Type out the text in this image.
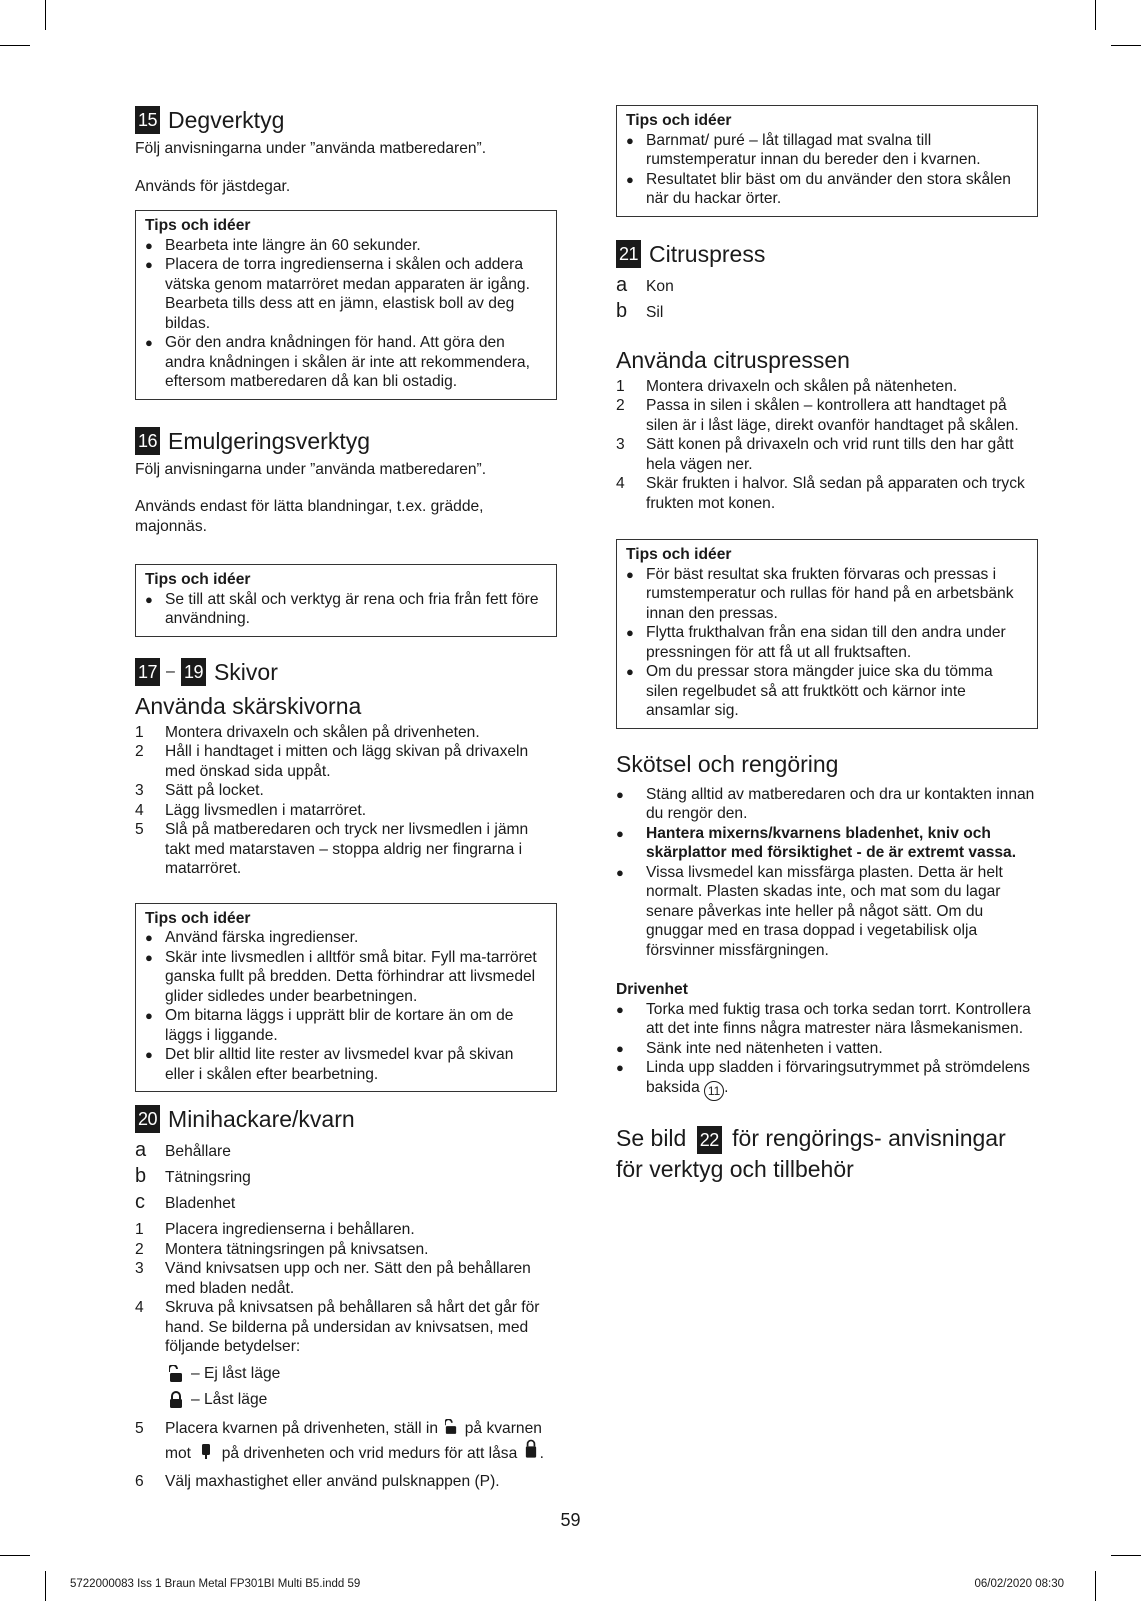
15 Degverktyg

Följ anvisningarna under ”använda matberedaren”.

Används för jästdegar.

Tips och idéer
● Bearbeta inte längre än 60 sekunder.
● Placera de torra ingredienserna i skålen och addera vätska genom matarröret medan apparaten är igång. Bearbeta tills dess att en jämn, elastisk boll av deg bildas.
● Gör den andra knådningen för hand. Att göra den andra knådningen i skålen är inte att rekommendera, eftersom matberedaren då kan bli ostadig.
16 Emulgeringsverktyg

Följ anvisningarna under ”använda matberedaren”.

Används endast för lätta blandningar, t.ex. grädde, majonnäs.

Tips och idéer
● Se till att skål och verktyg är rena och fria från fett före användning.
17 – 19 Skivor
Använda skärskivorna
1	Montera drivaxeln och skålen på drivenheten.
2	Håll i handtaget i mitten och lägg skivan på drivaxeln med önskad sida uppåt.
3	Sätt på locket.
4	Lägg livsmedlen i matarröret.
5	Slå på matberedaren och tryck ner livsmedlen i jämn takt med matarstaven – stoppa aldrig ner fingrarna i matarröret.
Tips och idéer
● Använd färska ingredienser.
● Skär inte livsmedlen i alltför små bitar. Fyll ma-tarröret ganska fullt på bredden. Detta förhindrar att livsmedel glider sidledes under bearbetningen.
● Om bitarna läggs i upprätt blir de kortare än om de läggs i liggande.
● Det blir alltid lite rester av livsmedel kvar på skivan eller i skålen efter bearbetning.
20 Minihackare/kvarn
a	Behållare
b	Tätningsring
c	Bladenhet
1	Placera ingredienserna i behållaren.
2	Montera tätningsringen på knivsatsen.
3	Vänd knivsatsen upp och ner. Sätt den på behållaren med bladen nedåt.
4	Skruva på knivsatsen på behållaren så hårt det går för hand. Se bilderna på undersidan av knivsatsen, med följande betydelser:
– Ej låst läge
– Låst läge
5	Placera kvarnen på drivenheten, ställ in på kvarnen mot på drivenheten och vrid medurs för att låsa .
6	Välj maxhastighet eller använd pulsknappen (P).
Tips och idéer
● Barnmat/ puré – låt tillagad mat svalna till rumstemperatur innan du bereder den i kvarnen.
● Resultatet blir bäst om du använder den stora skålen när du hackar örter.
21 Citruspress
a	Kon
b	Sil
Använda citruspressen
1	Montera drivaxeln och skålen på nätenheten.
2	Passa in silen i skålen – kontrollera att handtaget på silen är i låst läge, direkt ovanför handtaget på skålen.
3	Sätt konen på drivaxeln och vrid runt tills den har gått hela vägen ner.
4	Skär frukten i halvor. Slå sedan på apparaten och tryck frukten mot konen.
Tips och idéer
● För bäst resultat ska frukten förvaras och pressas i rumstemperatur och rullas för hand på en arbetsbänk innan den pressas.
● Flytta frukthalvan från ena sidan till den andra under pressningen för att få ut all fruktsaften.
● Om du pressar stora mängder juice ska du tömma silen regelbudet så att fruktkött och kärnor inte ansamlar sig.
Skötsel och rengöring
● Stäng alltid av matberedaren och dra ur kontakten innan du rengör den.
● Hantera mixerns/kvarnens bladenhet, kniv och skärplattor med försiktighet - de är extremt vassa.
● Vissa livsmedel kan missfärga plasten. Detta är helt normalt. Plasten skadas inte, och mat som du lagar senare påverkas inte heller på något sätt. Om du gnuggar med en trasa doppad i vegetabilisk olja försvinner missfärgningen.
Drivenhet
● Torka med fuktig trasa och torka sedan torrt. Kontrollera att det inte finns några matrester nära låsmekanismen.
● Sänk inte ned nätenheten i vatten.
● Linda upp sladden i förvaringsutrymmet på strömdelens baksida 11 .
Se bild 22 för rengörings- anvisningar för verktyg och tillbehör
59
5722000083 Iss 1 Braun Metal FP301BI Multi B5.indd 59	06/02/2020 08:30
